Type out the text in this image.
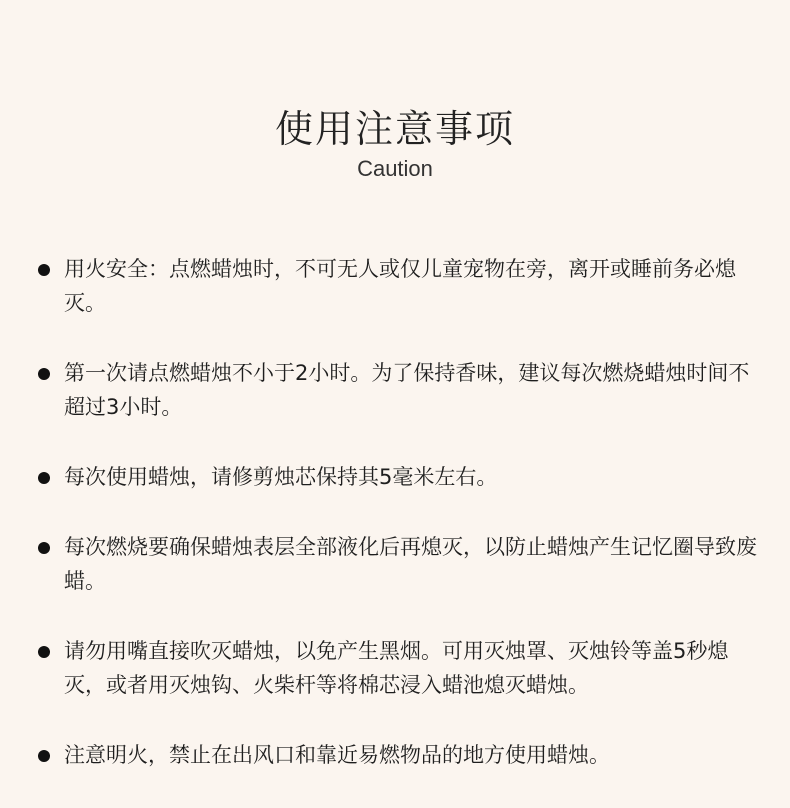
使用注意事项
Caution
用火安全：点燃蜡烛时，不可无人或仅儿童宠物在旁，离开或睡前务必熄灭。
第一次请点燃蜡烛不小于2小时。为了保持香味，建议每次燃烧蜡烛时间不超过3小时。
每次使用蜡烛，请修剪烛芯保持其5毫米左右。
每次燃烧要确保蜡烛表层全部液化后再熄灭，以防止蜡烛产生记忆圈导致废蜡。
请勿用嘴直接吹灭蜡烛，以免产生黑烟。可用灭烛罩、灭烛铃等盖5秒熄灭，或者用灭烛钩、火柴杆等将棉芯浸入蜡池熄灭蜡烛。
注意明火，禁止在出风口和靠近易燃物品的地方使用蜡烛。
